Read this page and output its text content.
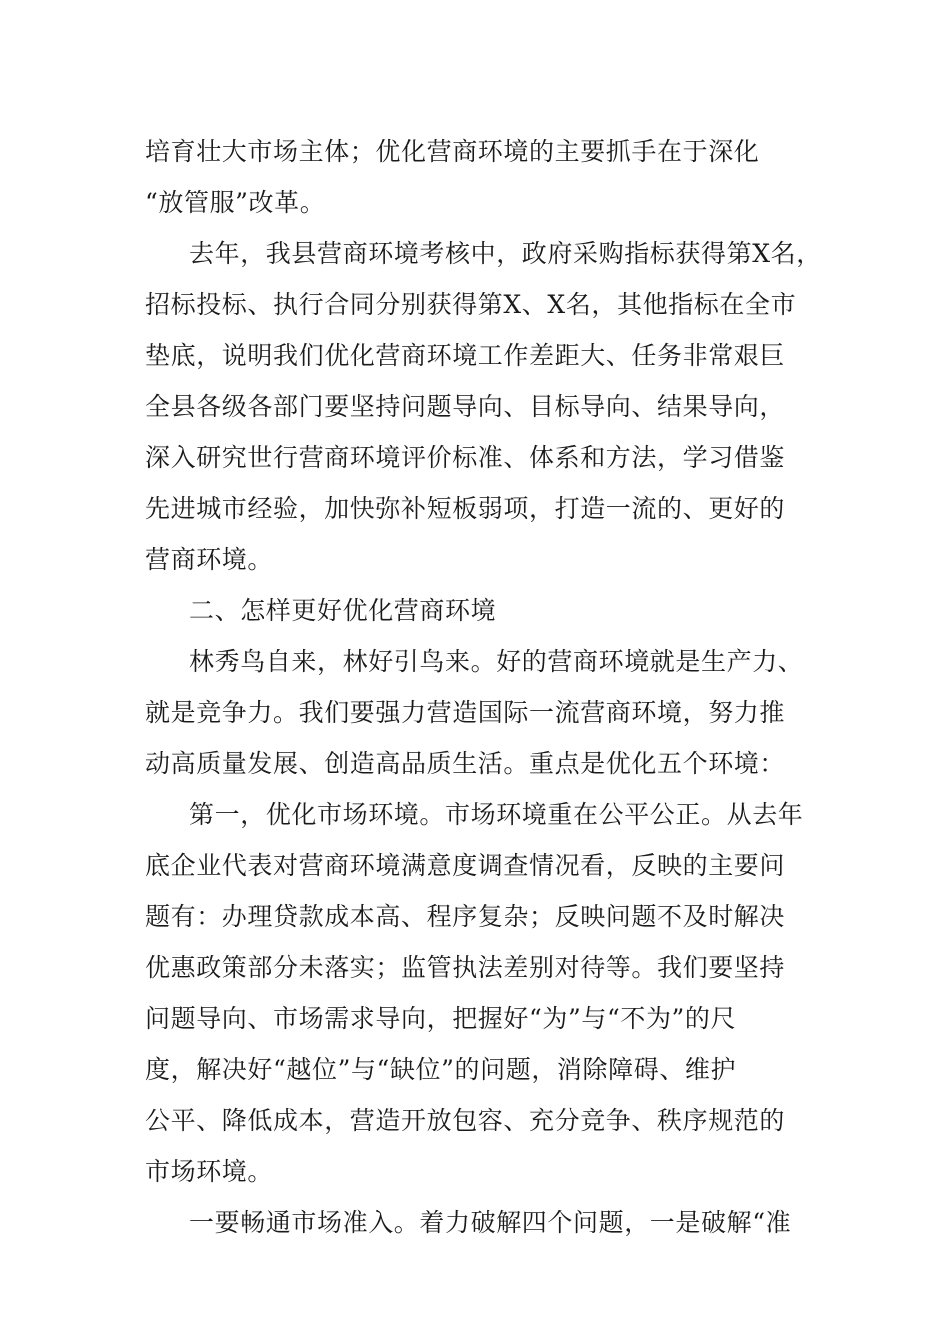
培育壮大市场主体；优化营商环境的主要抓手在于深化
“放管服”改革。
去年，我县营商环境考核中，政府采购指标获得第X名，
招标投标、执行合同分别获得第X、X名，其他指标在全市
垫底，说明我们优化营商环境工作差距大、任务非常艰巨
全县各级各部门要坚持问题导向、目标导向、结果导向，
深入研究世行营商环境评价标准、体系和方法，学习借鉴
先进城市经验，加快弥补短板弱项，打造一流的、更好的
营商环境。
二、怎样更好优化营商环境
林秀鸟自来，林好引鸟来。好的营商环境就是生产力、
就是竞争力。我们要强力营造国际一流营商环境，努力推
动高质量发展、创造高品质生活。重点是优化五个环境：
第一，优化市场环境。市场环境重在公平公正。从去年
底企业代表对营商环境满意度调查情况看，反映的主要问
题有：办理贷款成本高、程序复杂；反映问题不及时解决
优惠政策部分未落实；监管执法差别对待等。我们要坚持
问题导向、市场需求导向，把握好“为”与“不为”的尺
度，解决好“越位”与“缺位”的问题，消除障碍、维护
公平、降低成本，营造开放包容、充分竞争、秩序规范的
市场环境。
一要畅通市场准入。着力破解四个问题，一是破解“准
